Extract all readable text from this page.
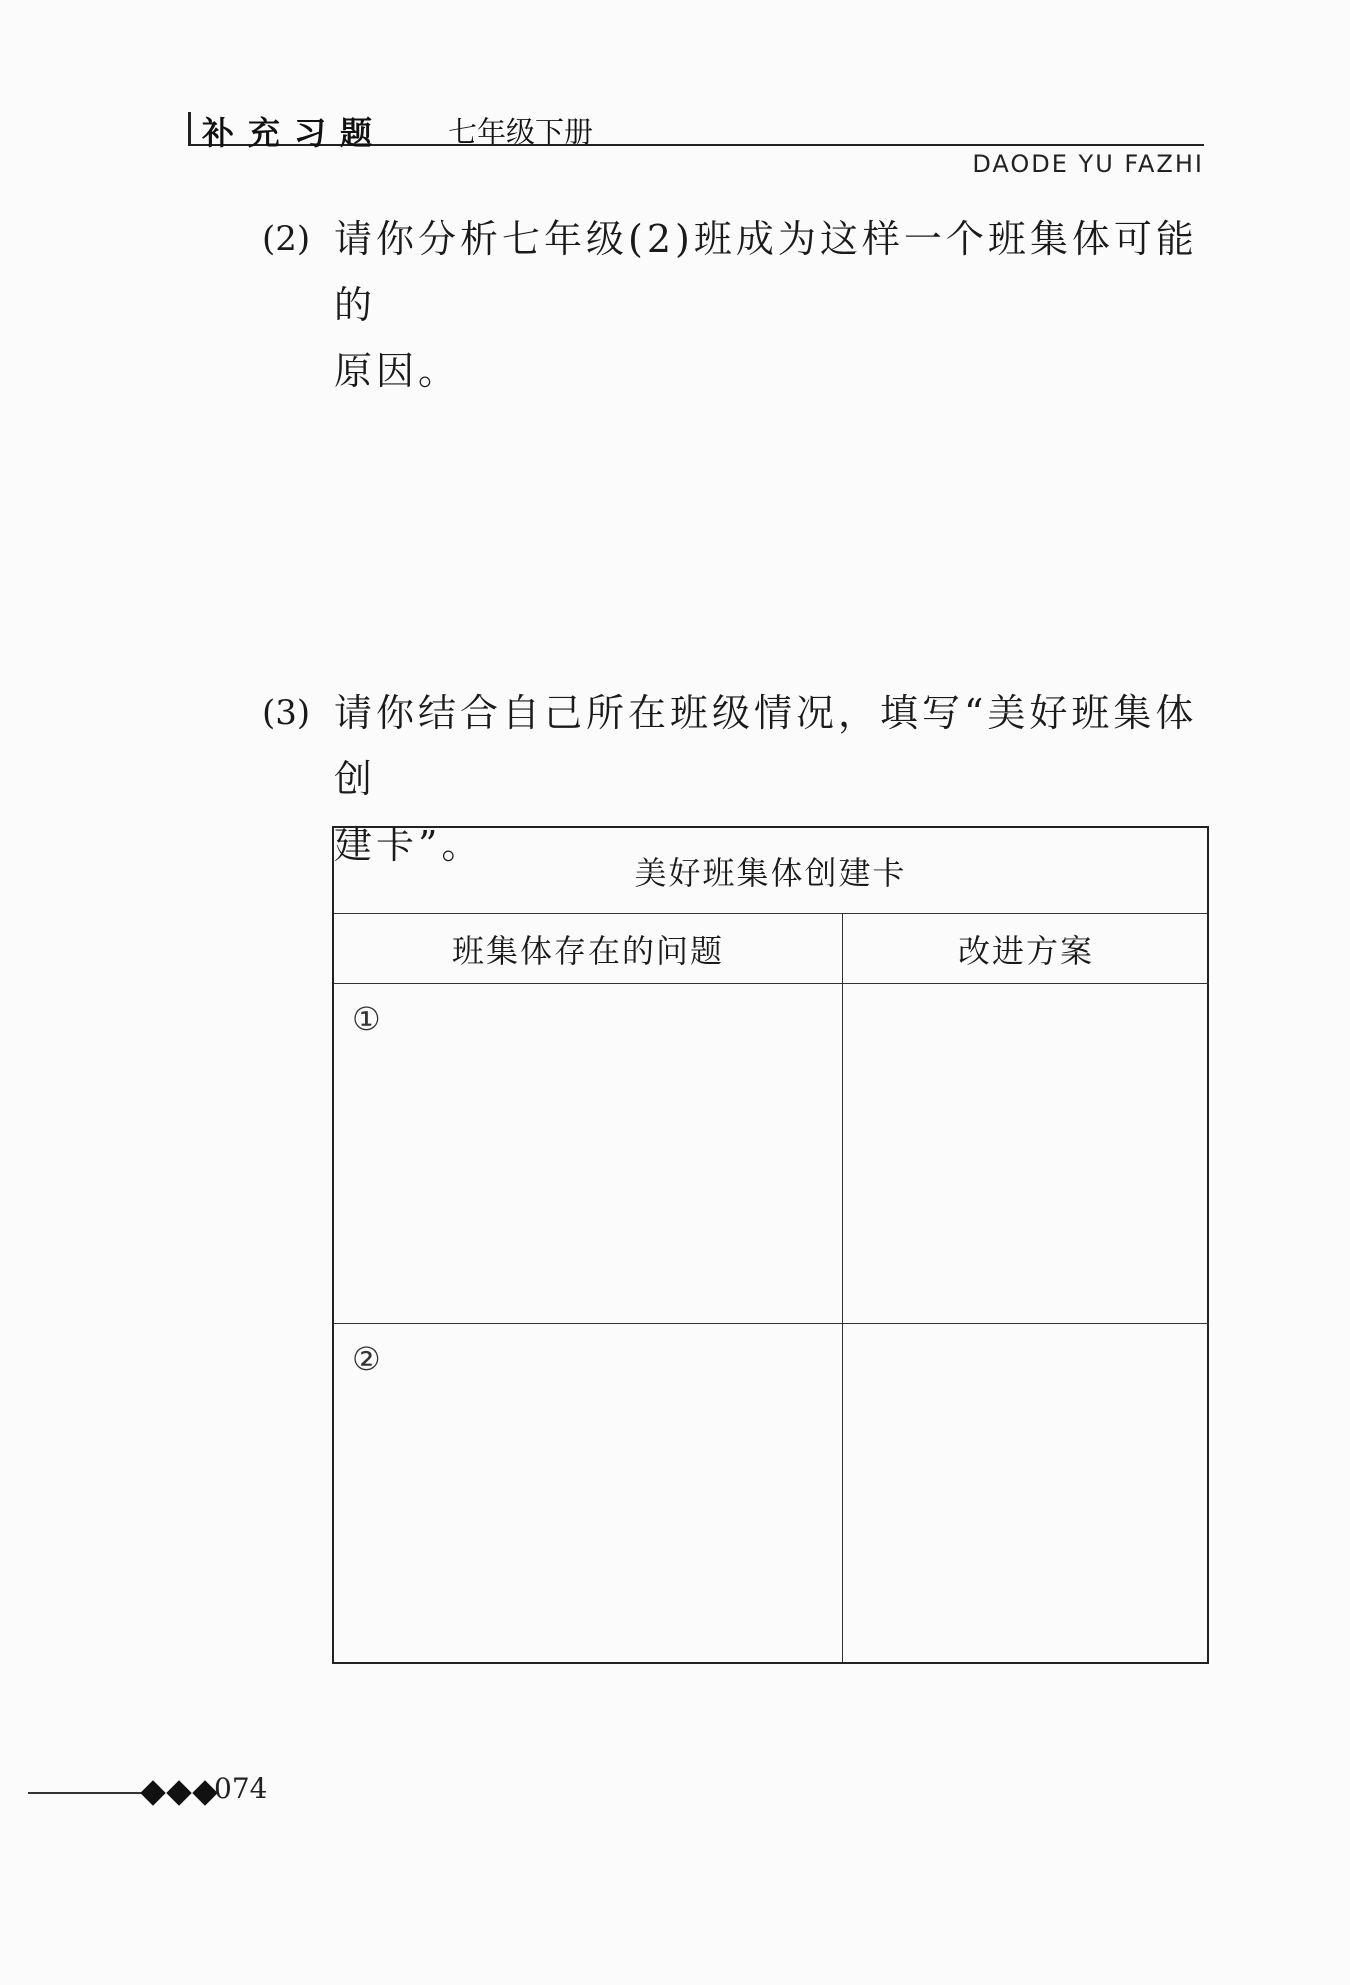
补充习题 七年级下册
DAODE YU FAZHI
(2) 请你分析七年级(2)班成为这样一个班集体可能的
原因。
(3) 请你结合自己所在班级情况，填写“美好班集体创
建卡”。
美好班集体创建卡
班集体存在的问题	改进方案
①
②
074
